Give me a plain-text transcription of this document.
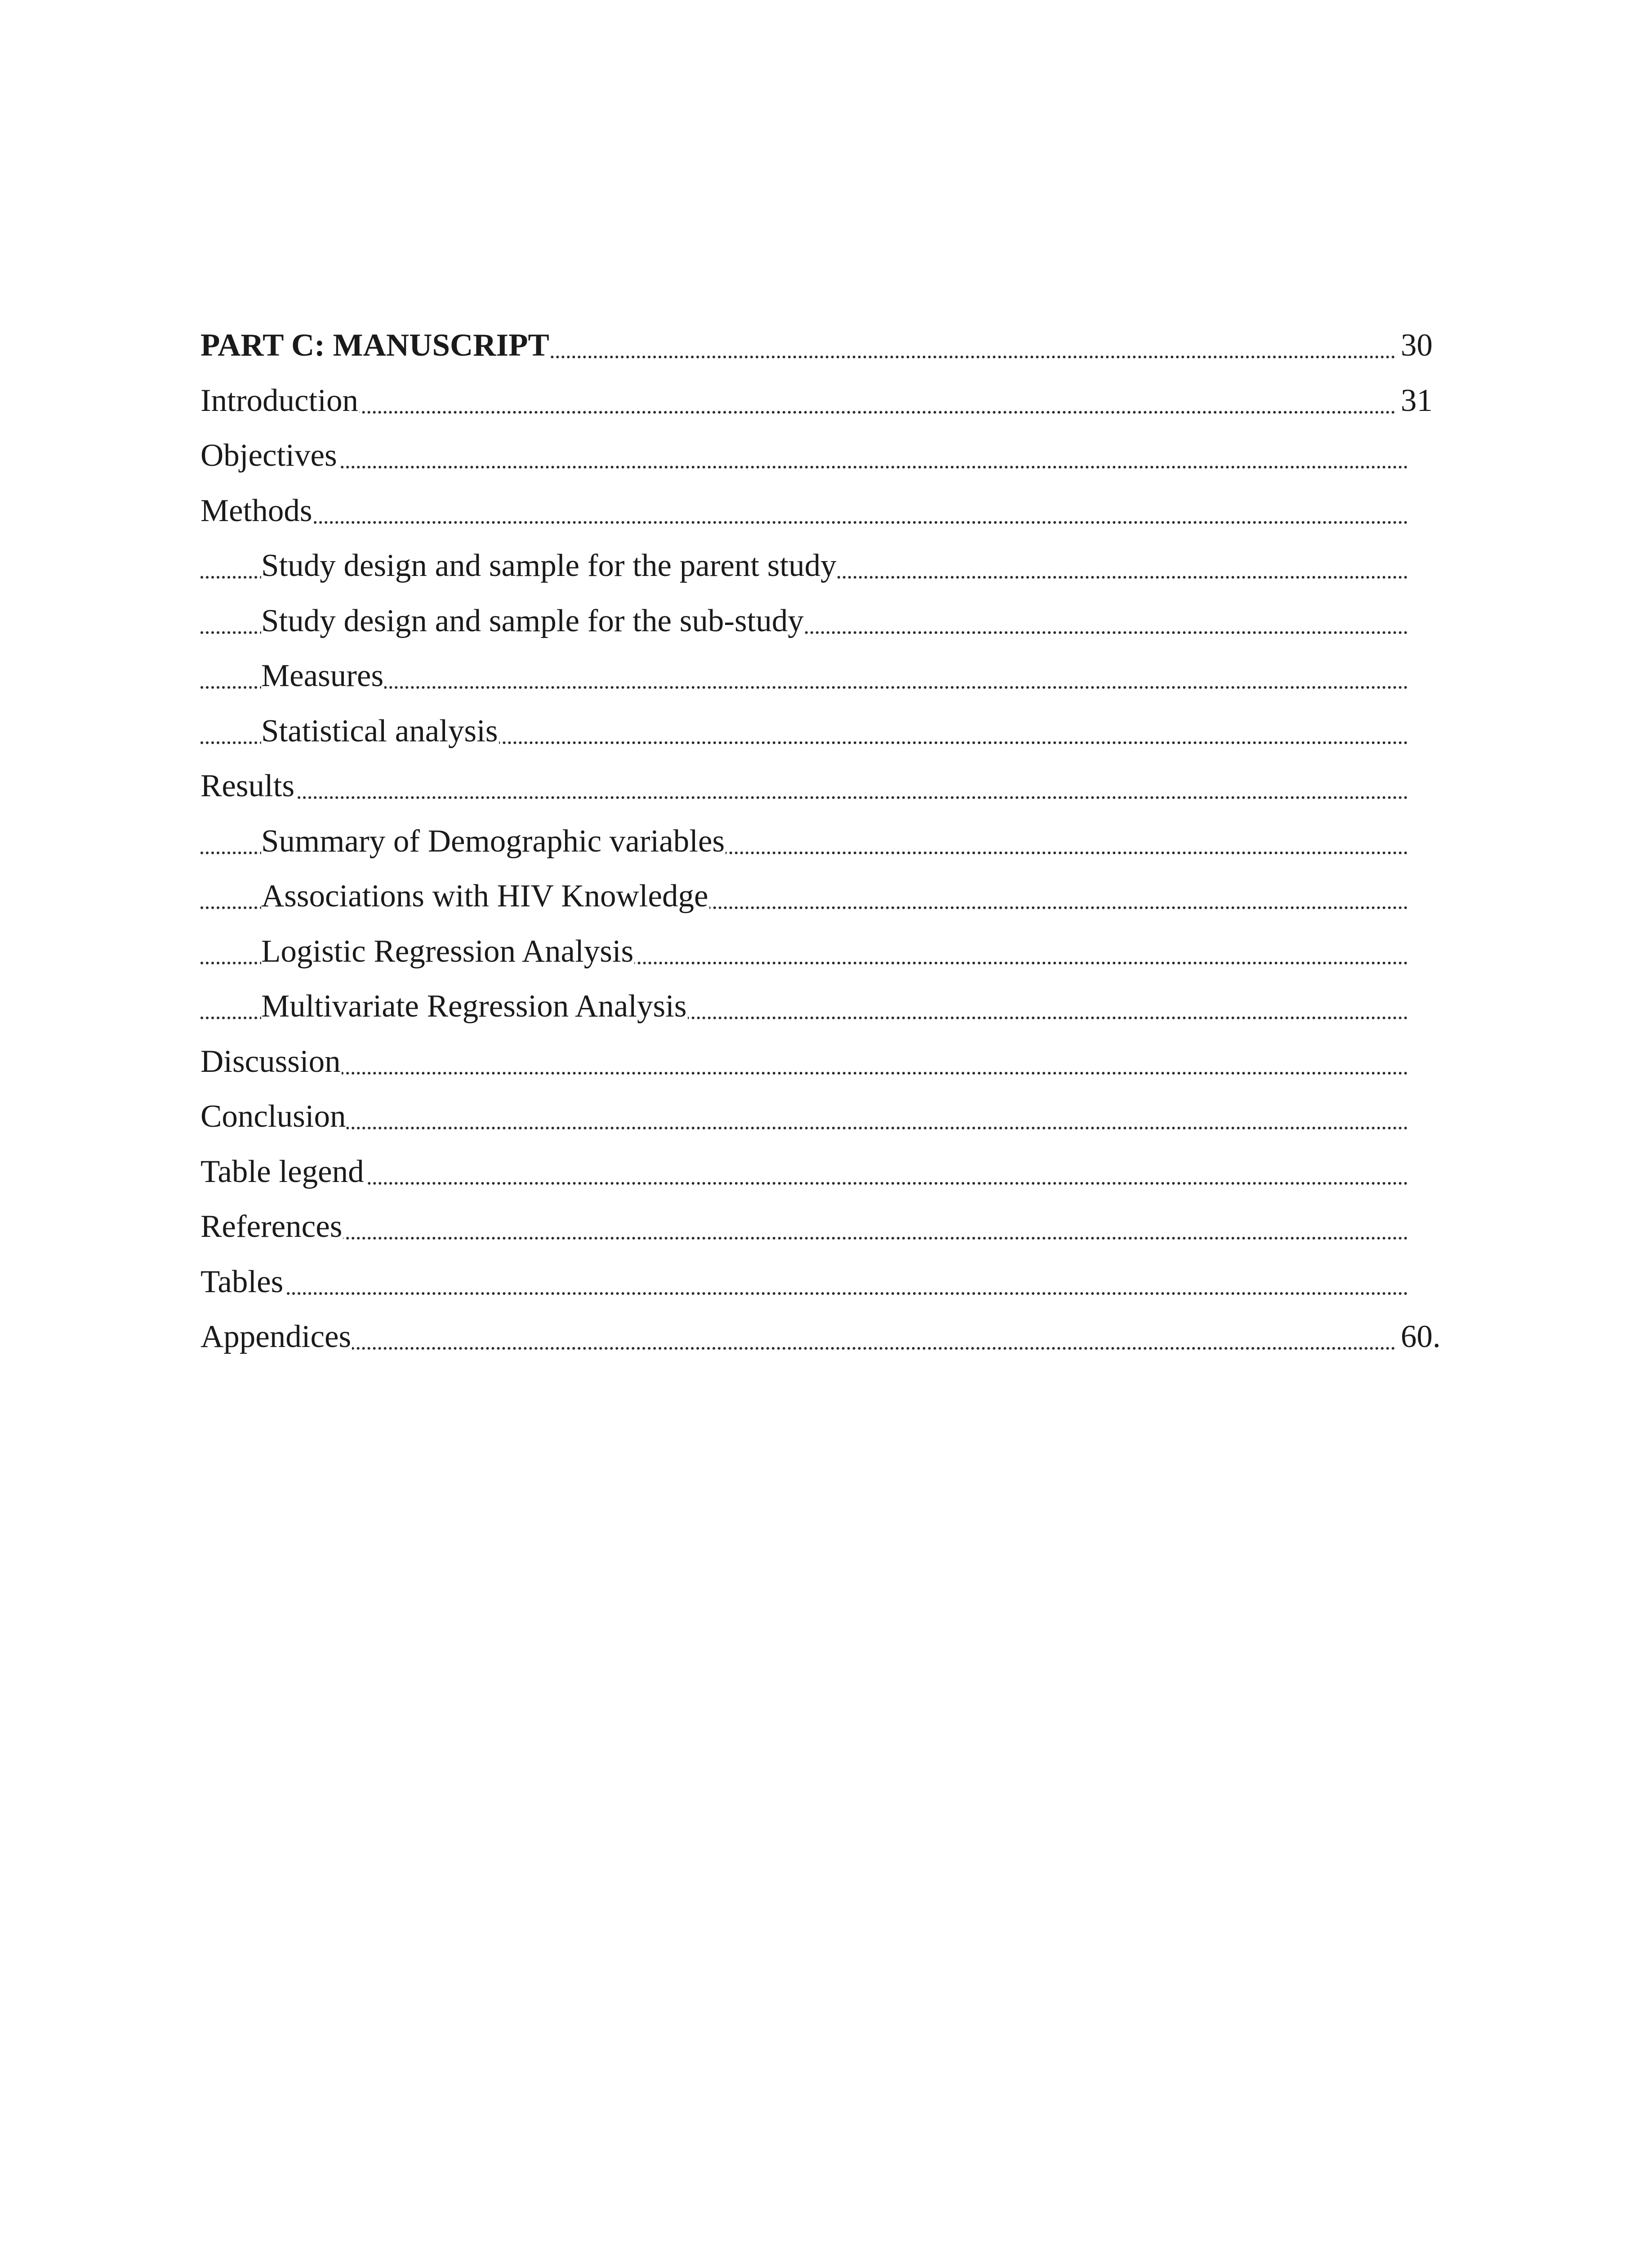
PART C: MANUSCRIPT	30
Introduction	31
Objectives
Methods
Study design and sample for the parent study
Study design and sample for the sub-study
Measures
Statistical analysis
Results
Summary of Demographic variables
Associations with HIV Knowledge
Logistic Regression Analysis
Multivariate Regression Analysis
Discussion
Conclusion
Table legend
References
Tables
Appendices	60.
